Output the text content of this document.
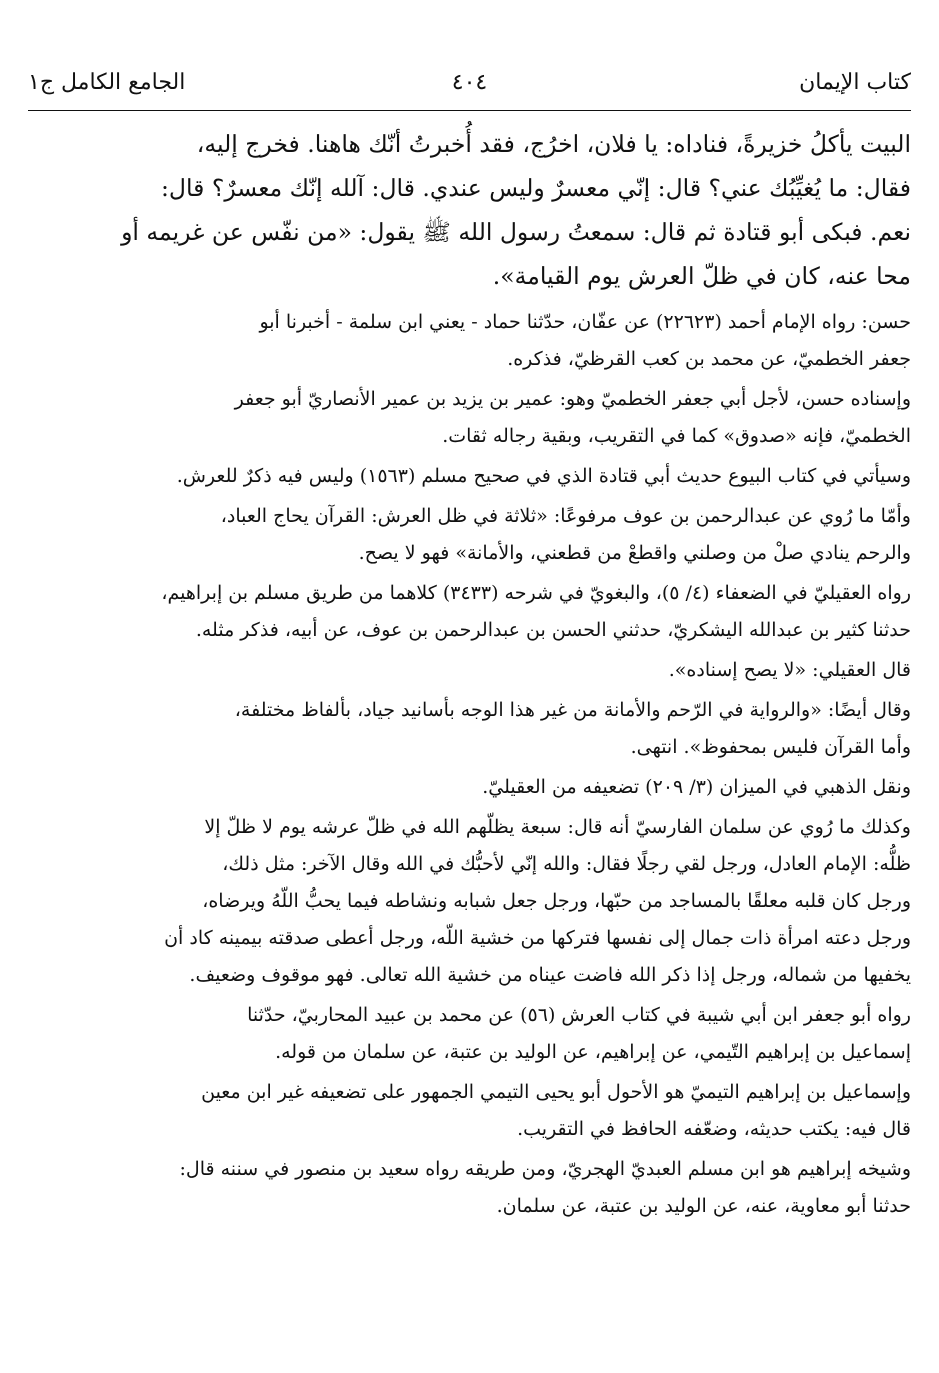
كتاب الإيمان
٤٠٤
الجامع الكامل ج١

البيت يأكلُ خزيرةً، فناداه: يا فلان، اخرُج، فقد أُخبرتُ أنّك هاهنا. فخرج إليه،

فقال: ما يُغيِّبُك عني؟ قال: إنّي معسرٌ وليس عندي. قال: آلله إنّك معسرٌ؟ قال:

نعم. فبكى أبو قتادة ثم قال: سمعتُ رسول الله ﷺ يقول: «من نفّس عن غريمه أو

محا عنه، كان في ظلّ العرش يوم القيامة».

حسن: رواه الإمام أحمد (٢٢٦٢٣) عن عفّان، حدّثنا حماد - يعني ابن سلمة - أخبرنا أبو

جعفر الخطميّ، عن محمد بن كعب القرظيّ، فذكره.

وإسناده حسن، لأجل أبي جعفر الخطميّ وهو: عمير بن يزيد بن عمير الأنصاريّ أبو جعفر

الخطميّ، فإنه «صدوق» كما في التقريب، وبقية رجاله ثقات.

وسيأتي في كتاب البيوع حديث أبي قتادة الذي في صحيح مسلم (١٥٦٣) وليس فيه ذكرٌ للعرش.

وأمّا ما رُوي عن عبدالرحمن بن عوف مرفوعًا: «ثلاثة في ظل العرش: القرآن يحاج العباد،

والرحم ينادي صلْ من وصلني واقطعْ من قطعني، والأمانة» فهو لا يصح.

رواه العقيليّ في الضعفاء (٤/ ٥)، والبغويّ في شرحه (٣٤٣٣) كلاهما من طريق مسلم بن إبراهيم،

حدثنا كثير بن عبدالله اليشكريّ، حدثني الحسن بن عبدالرحمن بن عوف، عن أبيه، فذكر مثله.

قال العقيلي: «لا يصح إسناده».

وقال أيضًا: «والرواية في الرّحم والأمانة من غير هذا الوجه بأسانيد جياد، بألفاظ مختلفة،

وأما القرآن فليس بمحفوظ». انتهى.

ونقل الذهبي في الميزان (٣/ ٢٠٩) تضعيفه من العقيليّ.

وكذلك ما رُوي عن سلمان الفارسيّ أنه قال: سبعة يظلّهم الله في ظلّ عرشه يوم لا ظلّ إلا

ظلُّه: الإمام العادل، ورجل لقي رجلًا فقال: والله إنّي لأحبُّك في الله وقال الآخر: مثل ذلك،

ورجل كان قلبه معلقًا بالمساجد من حبّها، ورجل جعل شبابه ونشاطه فيما يحبُّ اللّهُ ويرضاه،

ورجل دعته امرأة ذات جمال إلى نفسها فتركها من خشية اللّه، ورجل أعطى صدقته بيمينه كاد أن

يخفيها من شماله، ورجل إذا ذكر الله فاضت عيناه من خشية الله تعالى. فهو موقوف وضعيف.

رواه أبو جعفر ابن أبي شيبة في كتاب العرش (٥٦) عن محمد بن عبيد المحاربيّ، حدّثنا

إسماعيل بن إبراهيم التّيمي، عن إبراهيم، عن الوليد بن عتبة، عن سلمان من قوله.

وإسماعيل بن إبراهيم التيميّ هو الأحول أبو يحيى التيمي الجمهور على تضعيفه غير ابن معين

قال فيه: يكتب حديثه، وضعّفه الحافظ في التقريب.

وشيخه إبراهيم هو ابن مسلم العبديّ الهجريّ، ومن طريقه رواه سعيد بن منصور في سننه قال:

حدثنا أبو معاوية، عنه، عن الوليد بن عتبة، عن سلمان.
